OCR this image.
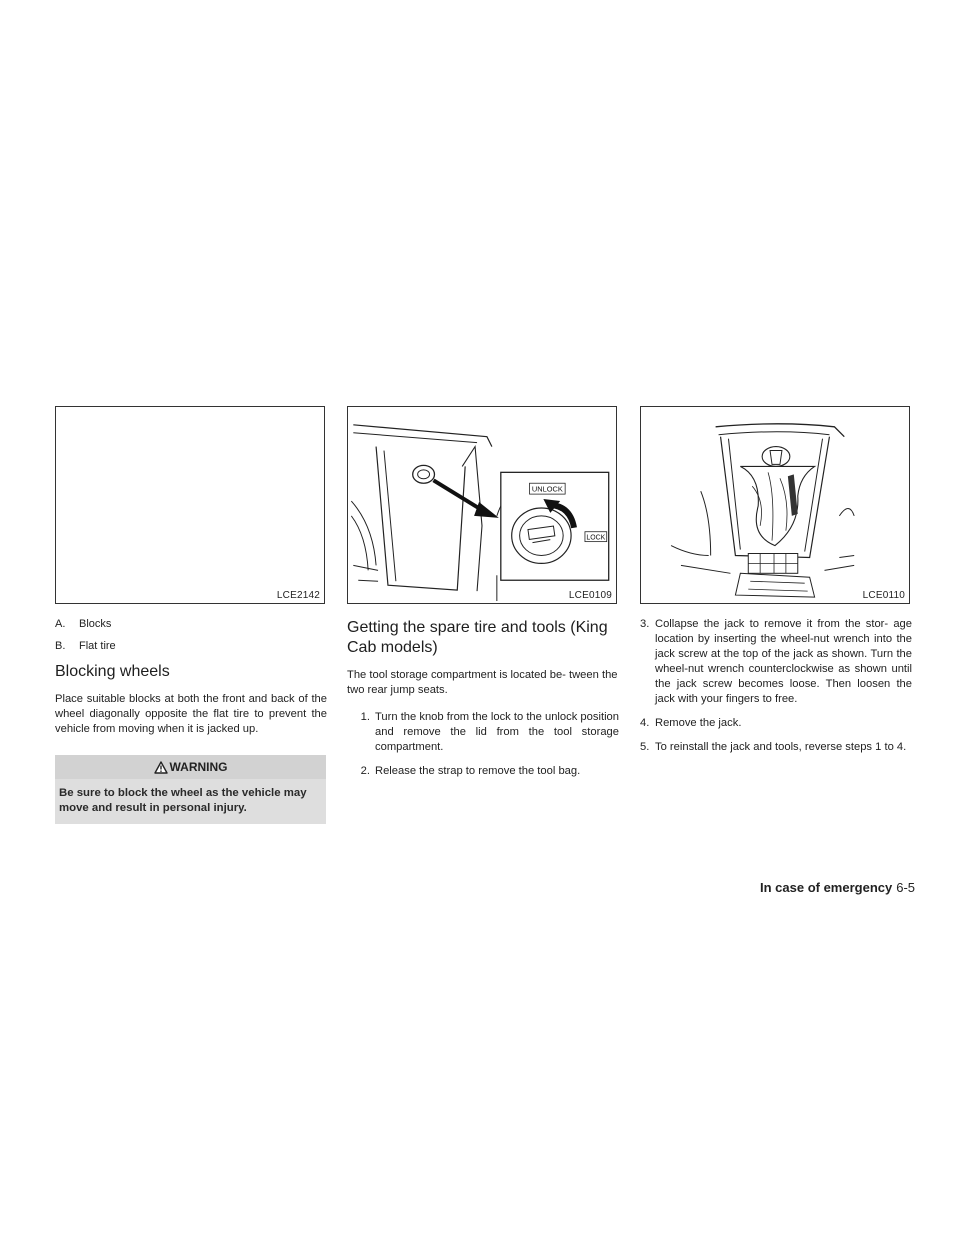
LCE2142
A.	Blocks
B.	Flat tire
Blocking wheels

Place suitable blocks at both the front and back of the wheel diagonally opposite the flat tire to prevent the vehicle from moving when it is jacked up.

WARNING
Be sure to block the wheel as the vehicle may move and result in personal injury.
UNLOCK
LOCK
LCE0109
Getting the spare tire and tools (King Cab models)

The tool storage compartment is located be- tween the two rear jump seats.

1. Turn the knob from the lock to the unlock position and remove the lid from the tool storage compartment.
2. Release the strap to remove the tool bag.
LCE0110
3. Collapse the jack to remove it from the stor- age location by inserting the wheel-nut wrench into the jack screw at the top of the jack as shown. Turn the wheel-nut wrench counterclockwise as shown until the jack screw becomes loose. Then loosen the jack with your fingers to free.
4. Remove the jack.
5. To reinstall the jack and tools, reverse steps 1 to 4.
In case of emergency 6-5
